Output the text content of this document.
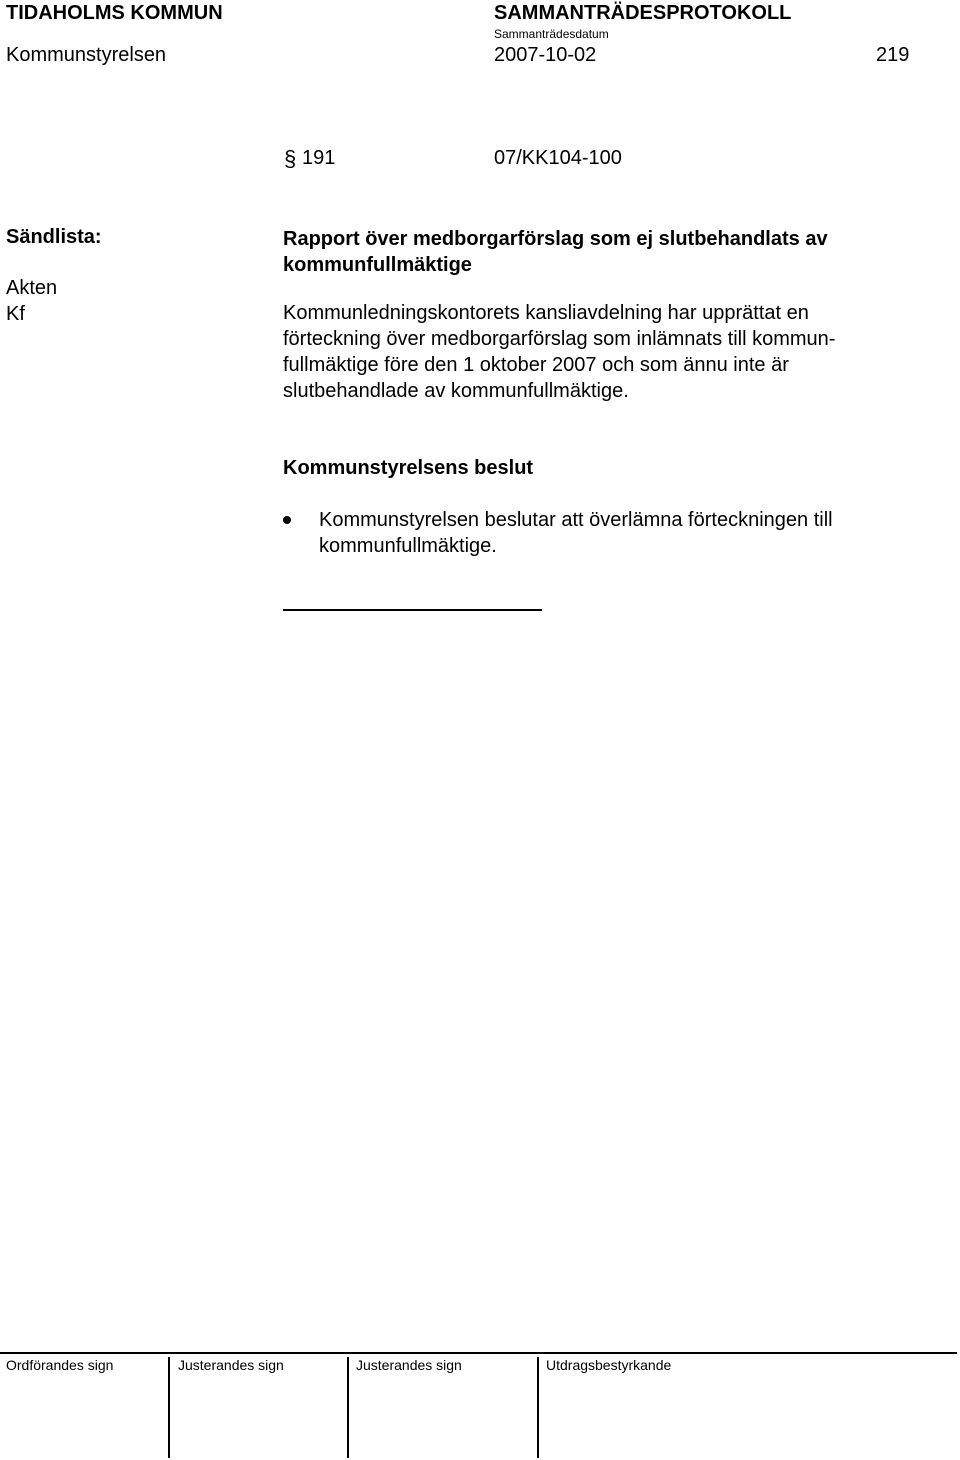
TIDAHOLMS KOMMUN	SAMMANTRÄDESPROTOKOLL
Sammanträdesdatum
Kommunstyrelsen	2007-10-02	219
§ 191	07/KK104-100
Sändlista:
Akten
Kf
Rapport över medborgarförslag som ej slutbehandlats av
kommunfullmäktige
Kommunledningskontorets kansliavdelning har upprättat en
förteckning över medborgarförslag som inlämnats till kommun-
fullmäktige före den 1 oktober 2007 och som ännu inte är
slutbehandlade av kommunfullmäktige.
Kommunstyrelsens beslut
Kommunstyrelsen beslutar att överlämna förteckningen till
kommunfullmäktige.
Ordförandes sign	Justerandes sign	Justerandes sign	Utdragsbestyrkande
